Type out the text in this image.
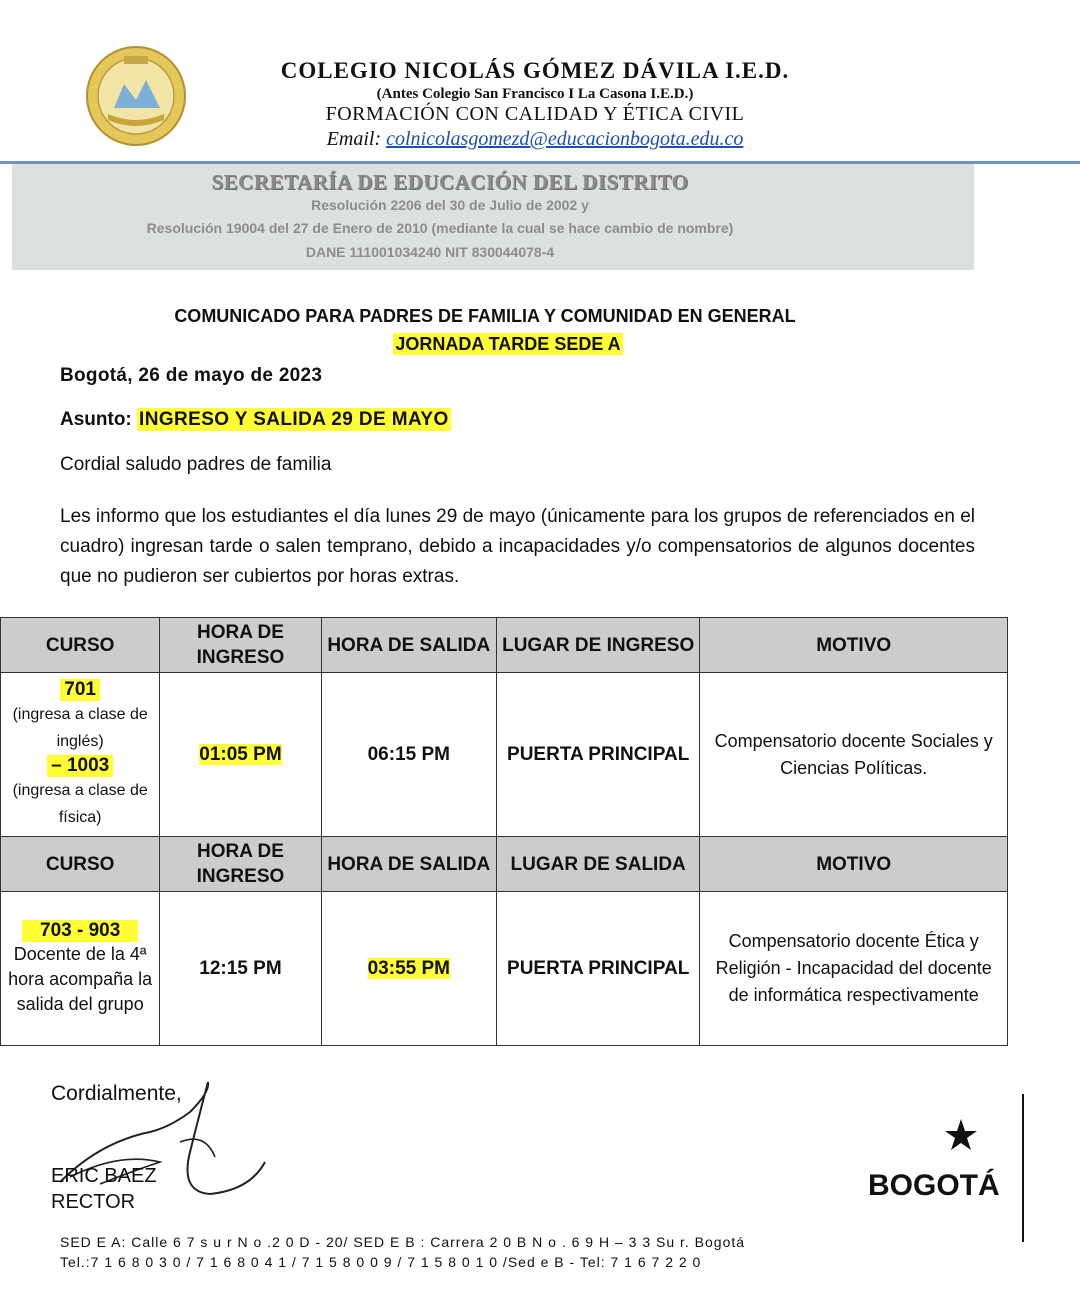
COLEGIO NICOLÁS GÓMEZ DÁVILA I.E.D.
(Antes Colegio San Francisco I La Casona I.E.D.)
FORMACIÓN CON CALIDAD Y ÉTICA CIVIL
Email: colnicolasgomezd@educacionbogota.edu.co
SECRETARÍA DE EDUCACIÓN DEL DISTRITO
Resolución 2206 del 30 de Julio de 2002 y
Resolución 19004 del 27 de Enero de 2010 (mediante la cual se hace cambio de nombre)
DANE 111001034240 NIT 830044078-4
COMUNICADO PARA PADRES DE FAMILIA Y COMUNIDAD EN GENERAL
JORNADA TARDE SEDE A
Bogotá, 26 de mayo de 2023
Asunto: INGRESO Y SALIDA 29 DE MAYO
Cordial saludo padres de familia
Les informo que los estudiantes el día lunes 29 de mayo (únicamente para los grupos de referenciados en el cuadro) ingresan tarde o salen temprano, debido a incapacidades y/o compensatorios de algunos docentes que no pudieron ser cubiertos por horas extras.
CURSO	HORA DE INGRESO	HORA DE SALIDA	LUGAR DE INGRESO	MOTIVO

701
(ingresa a clase de inglés)
– 1003
(ingresa a clase de física)	01:05 PM	06:15 PM	PUERTA PRINCIPAL	Compensatorio docente Sociales y Ciencias Políticas.
CURSO	HORA DE INGRESO	HORA DE SALIDA	LUGAR DE SALIDA	MOTIVO

703 - 903
Docente de la 4ª hora acompaña la salida del grupo	12:15 PM	03:55 PM	PUERTA PRINCIPAL	Compensatorio docente Ética y Religión - Incapacidad del docente de informática respectivamente
Cordialmente,
ERIC BAEZ
RECTOR	BOGOTÁ
SED E A: Calle 6 7 s u r N o .2 0 D - 20/ SED E B : Carrera 2 0 B N o . 6 9 H – 3 3 Su r. Bogotá
Tel.:7 1 6 8 0 3 0 / 7 1 6 8 0 4 1 / 7 1 5 8 0 0 9 / 7 1 5 8 0 1 0 /Sed e B - Tel: 7 1 6 7 2 2 0
